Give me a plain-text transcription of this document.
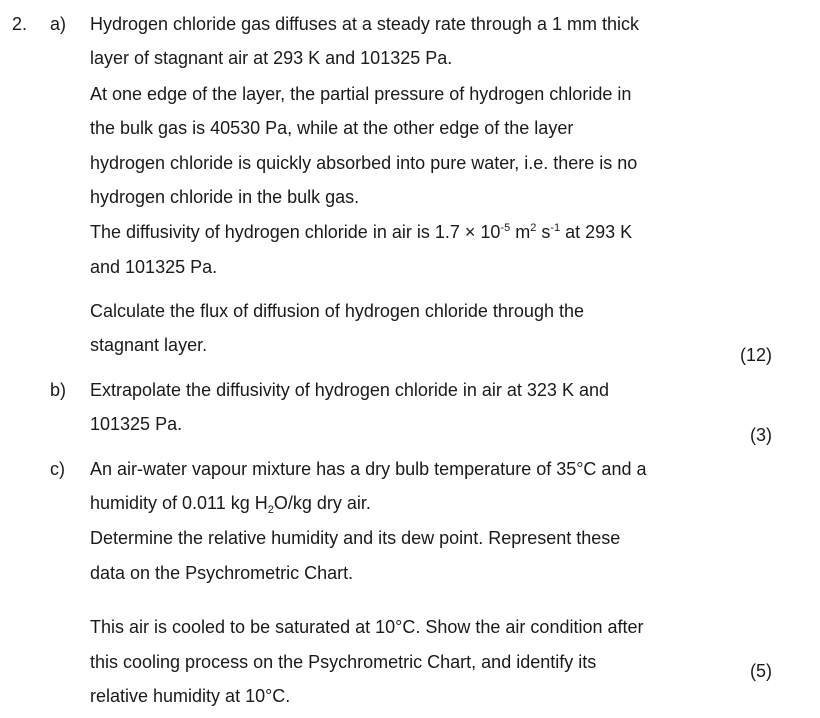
2. a) Hydrogen chloride gas diffuses at a steady rate through a 1 mm thick
layer of stagnant air at 293 K and 101325 Pa.
At one edge of the layer, the partial pressure of hydrogen chloride in
the bulk gas is 40530 Pa, while at the other edge of the layer
hydrogen chloride is quickly absorbed into pure water, i.e. there is no
hydrogen chloride in the bulk gas.
The diffusivity of hydrogen chloride in air is $1.7 \times 10^{-5}$ $m^2$ $s^{-1}$ at 293 K
and 101325 Pa.
Calculate the flux of diffusion of hydrogen chloride through the
stagnant layer.	(12)
b) Extrapolate the diffusivity of hydrogen chloride in air at 323 K and
101325 Pa.
(3)
c) An air-water vapour mixture has a dry bulb temperature of 35°C and a
humidity of 0.011 kg $H_2O/kg$ dry air.
Determine the relative humidity and its dew point. Represent these
data on the Psychrometric Chart.
This air is cooled to be saturated at 10°C. Show the air condition after
this cooling process on the Psychrometric Chart, and identify its	(5)
relative humidity at 10°C.
